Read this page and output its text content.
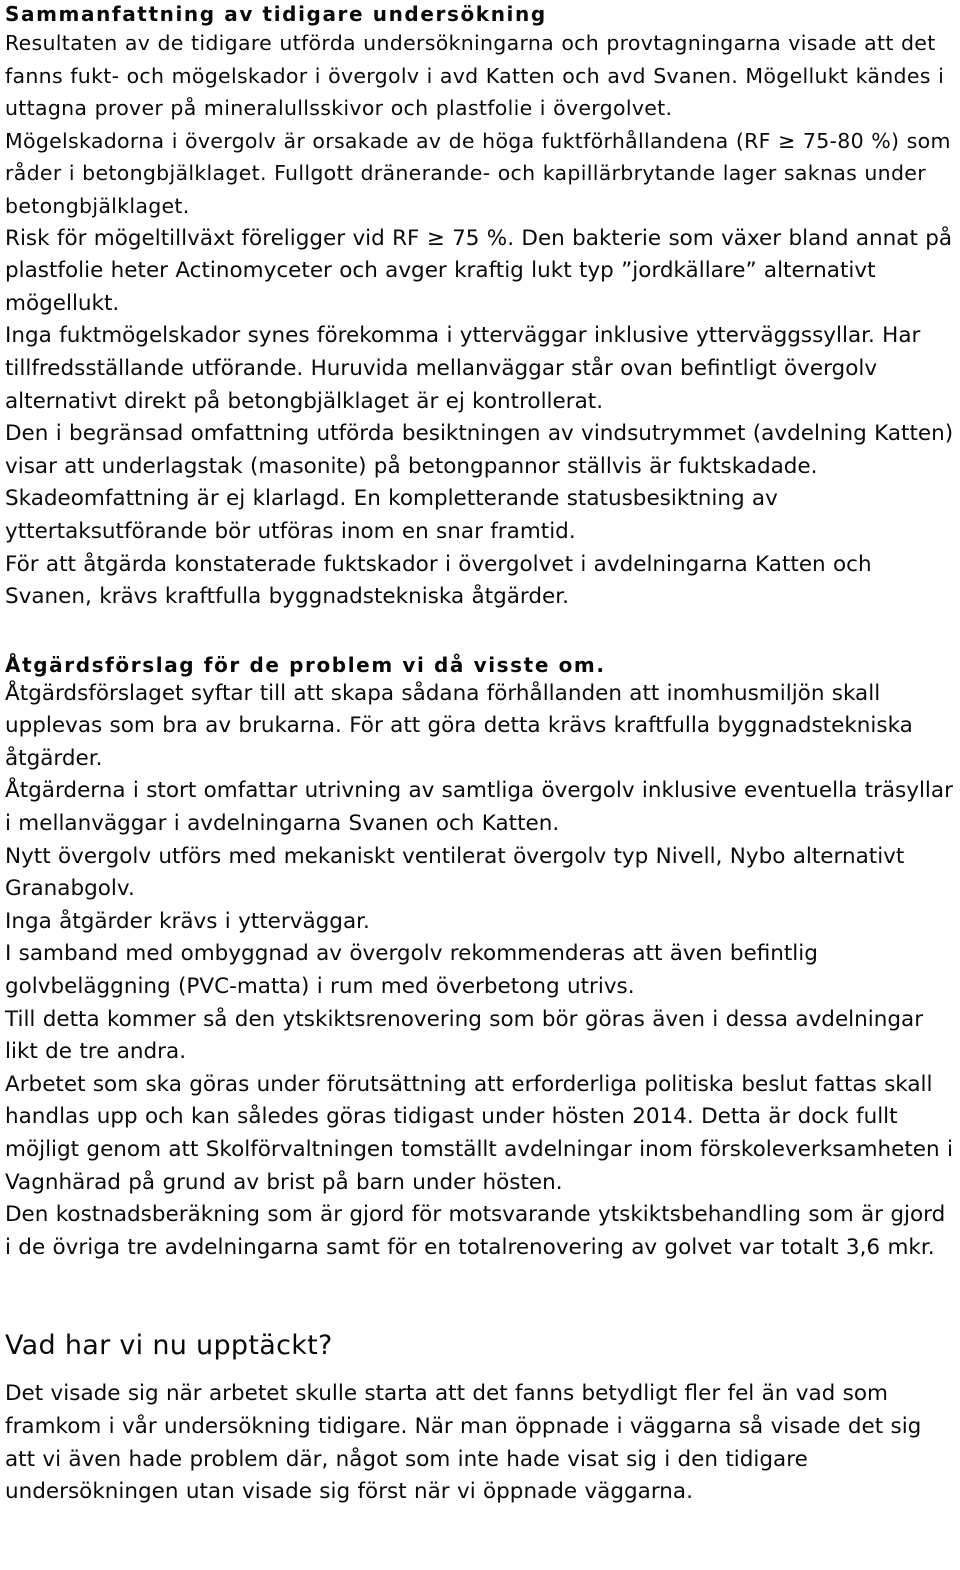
Sammanfattning av tidigare undersökning

Resultaten av de tidigare utförda undersökningarna och provtagningarna visade att det fanns fukt- och mögelskador i övergolv i avd Katten och avd Svanen. Mögellukt kändes i uttagna prover på mineralullsskivor och plastfolie i övergolvet.

Mögelskadorna i övergolv är orsakade av de höga fuktförhållandena (RF ≥ 75-80 %) som råder i betongbjälklaget. Fullgott dränerande- och kapillärbrytande lager saknas under betongbjälklaget.

Risk för mögeltillväxt föreligger vid RF ≥ 75 %. Den bakterie som växer bland annat på plastfolie heter Actinomyceter och avger kraftig lukt typ ”jordkällare” alternativt mögellukt.

Inga fuktmögelskador synes förekomma i ytterväggar inklusive ytterväggssyllar. Har tillfredsställande utförande. Huruvida mellanväggar står ovan befintligt övergolv alternativt direkt på betongbjälklaget är ej kontrollerat.

Den i begränsad omfattning utförda besiktningen av vindsutrymmet (avdelning Katten) visar att underlagstak (masonite) på betongpannor ställvis är fuktskadade. Skadeomfattning är ej klarlagd. En kompletterande statusbesiktning av yttertaksutförande bör utföras inom en snar framtid.

För att åtgärda konstaterade fuktskador i övergolvet i avdelningarna Katten och Svanen, krävs kraftfulla byggnadstekniska åtgärder.

Åtgärdsförslag för de problem vi då visste om.

Åtgärdsförslaget syftar till att skapa sådana förhållanden att inomhusmiljön skall upplevas som bra av brukarna. För att göra detta krävs kraftfulla byggnadstekniska åtgärder.

Åtgärderna i stort omfattar utrivning av samtliga övergolv inklusive eventuella träsyllar i mellanväggar i avdelningarna Svanen och Katten.

Nytt övergolv utförs med mekaniskt ventilerat övergolv typ Nivell, Nybo alternativt Granabgolv.

Inga åtgärder krävs i ytterväggar.

I samband med ombyggnad av övergolv rekommenderas att även befintlig golvbeläggning (PVC-matta) i rum med överbetong utrivs.

Till detta kommer så den ytskiktsrenovering som bör göras även i dessa avdelningar likt de tre andra.

Arbetet som ska göras under förutsättning att erforderliga politiska beslut fattas skall handlas upp och kan således göras tidigast under hösten 2014. Detta är dock fullt möjligt genom att Skolförvaltningen tomställt avdelningar inom förskoleverksamheten i Vagnhärad på grund av brist på barn under hösten.

Den kostnadsberäkning som är gjord för motsvarande ytskiktsbehandling som är gjord i de övriga tre avdelningarna samt för en totalrenovering av golvet var totalt 3,6 mkr.

Vad har vi nu upptäckt?

Det visade sig när arbetet skulle starta att det fanns betydligt fler fel än vad som framkom i vår undersökning tidigare. När man öppnade i väggarna så visade det sig att vi även hade problem där, något som inte hade visat sig i den tidigare undersökningen utan visade sig först när vi öppnade väggarna.
